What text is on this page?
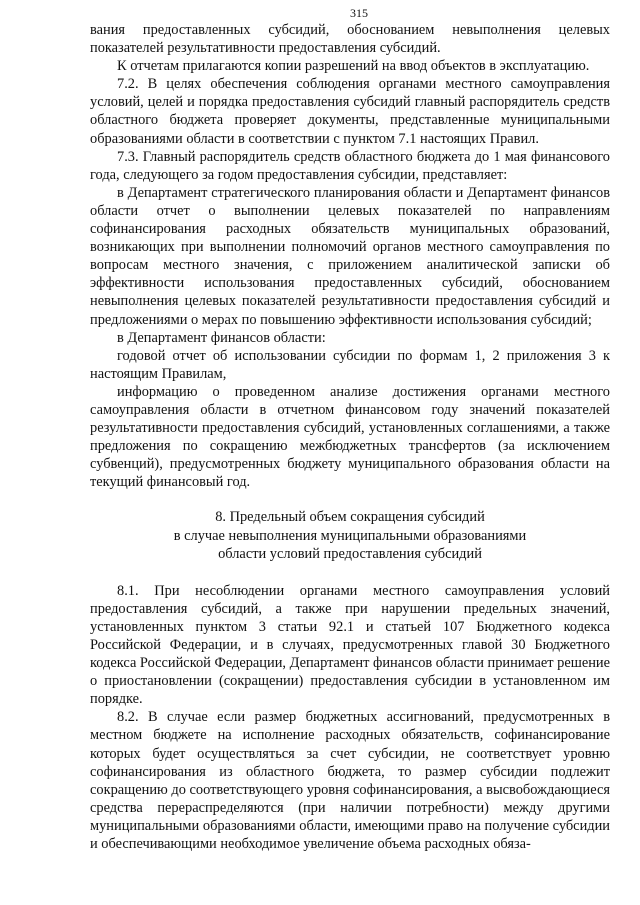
315

вания предоставленных субсидий, обоснованием невыполнения целевых показателей результативности предоставления субсидий.

К отчетам прилагаются копии разрешений на ввод объектов в эксплуатацию.

7.2. В целях обеспечения соблюдения органами местного самоуправления условий, целей и порядка предоставления субсидий главный распорядитель средств областного бюджета проверяет документы, представленные муниципальными образованиями области в соответствии с пунктом 7.1 настоящих Правил.

7.3. Главный распорядитель средств областного бюджета до 1 мая финансового года, следующего за годом предоставления субсидии, представляет:

в Департамент стратегического планирования области и Департамент финансов области отчет о выполнении целевых показателей по направлениям софинансирования расходных обязательств муниципальных образований, возникающих при выполнении полномочий органов местного самоуправления по вопросам местного значения, с приложением аналитической записки об эффективности использования предоставленных субсидий, обоснованием невыполнения целевых показателей результативности предоставления субсидий и предложениями о мерах по повышению эффективности использования субсидий;

в Департамент финансов области:

годовой отчет об использовании субсидии по формам 1, 2 приложения 3 к настоящим Правилам,

информацию о проведенном анализе достижения органами местного самоуправления области в отчетном финансовом году значений показателей результативности предоставления субсидий, установленных соглашениями, а также предложения по сокращению межбюджетных трансфертов (за исключением субвенций), предусмотренных бюджету муниципального образования области на текущий финансовый год.

8. Предельный объем сокращения субсидий
в случае невыполнения муниципальными образованиями
области условий предоставления субсидий

8.1. При несоблюдении органами местного самоуправления условий предоставления субсидий, а также при нарушении предельных значений, установленных пунктом 3 статьи 92.1 и статьей 107 Бюджетного кодекса Российской Федерации, и в случаях, предусмотренных главой 30 Бюджетного кодекса Российской Федерации, Департамент финансов области принимает решение о приостановлении (сокращении) предоставления субсидии в установленном им порядке.

8.2. В случае если размер бюджетных ассигнований, предусмотренных в местном бюджете на исполнение расходных обязательств, софинансирование которых будет осуществляться за счет субсидии, не соответствует уровню софинансирования из областного бюджета, то размер субсидии подлежит сокращению до соответствующего уровня софинансирования, а высвобождающиеся средства перераспределяются (при наличии потребности) между другими муниципальными образованиями области, имеющими право на получение субсидии и обеспечивающими необходимое увеличение объема расходных обяза-
